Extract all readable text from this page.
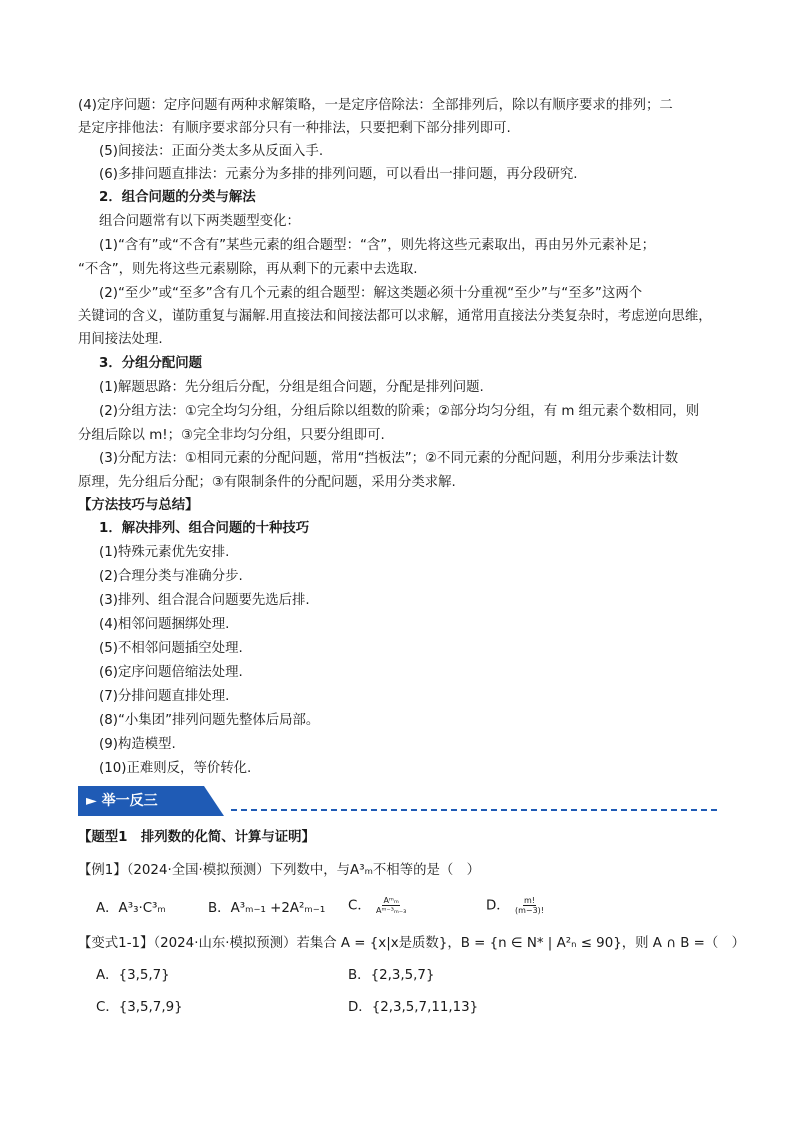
(4)定序问题：定序问题有两种求解策略，一是定序倍除法：全部排列后，除以有顺序要求的排列；二
是定序排他法：有顺序要求部分只有一种排法，只要把剩下部分排列即可.
(5)间接法：正面分类太多从反面入手.
(6)多排问题直排法：元素分为多排的排列问题，可以看出一排问题，再分段研究.
2．组合问题的分类与解法
组合问题常有以下两类题型变化：
(1)“含有”或“不含有”某些元素的组合题型：“含”，则先将这些元素取出，再由另外元素补足；
“不含”，则先将这些元素剔除，再从剩下的元素中去选取.
(2)“至少”或“至多”含有几个元素的组合题型：解这类题必须十分重视“至少”与“至多”这两个
关键词的含义，谨防重复与漏解.用直接法和间接法都可以求解，通常用直接法分类复杂时，考虑逆向思维，
用间接法处理.
3．分组分配问题
(1)解题思路：先分组后分配，分组是组合问题，分配是排列问题.
(2)分组方法：①完全均匀分组，分组后除以组数的阶乘；②部分均匀分组，有 m 组元素个数相同，则
分组后除以 m!；③完全非均匀分组，只要分组即可.
(3)分配方法：①相同元素的分配问题，常用“挡板法”；②不同元素的分配问题，利用分步乘法计数
原理，先分组后分配；③有限制条件的分配问题，采用分类求解.
【方法技巧与总结】
1．解决排列、组合问题的十种技巧
(1)特殊元素优先安排.
(2)合理分类与准确分步.
(3)排列、组合混合问题要先选后排.
(4)相邻问题捆绑处理.
(5)不相邻问题插空处理.
(6)定序问题倍缩法处理.
(7)分排问题直排处理.
(8)“小集团”排列问题先整体后局部。
(9)构造模型.
(10)正难则反，等价转化.
► 举一反三
【题型1　排列数的化简、计算与证明】
【例1】（2024·全国·模拟预测）下列数中，与A³ₘ不相等的是（　）
A．A³₃·C³ₘ	B．A³ₘ₋₁ +2A²ₘ₋₁ C． $\frac{\text{Aᵐₘ}}{\text{Aᵐ⁻³ₘ₋₃}}$	D． $\frac{m!}{(m-3)!}$
【变式1-1】（2024·山东·模拟预测）若集合 A = {x|x是质数}，B = {n ∈ N* | A²ₙ ≤ 90}，则 A ∩ B =（　）
A．{3,5,7}	B．{2,3,5,7}
C．{3,5,7,9}	D．{2,3,5,7,11,13}
